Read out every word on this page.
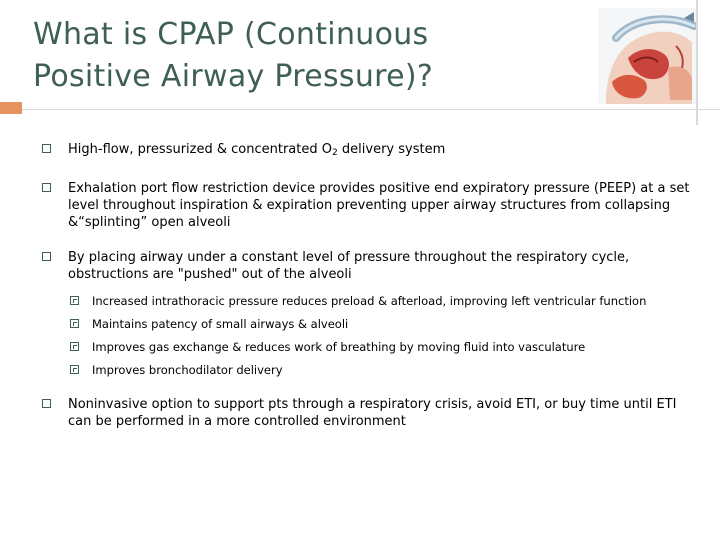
What is CPAP (Continuous
Positive Airway Pressure)?
High-flow, pressurized & concentrated $O_2$ delivery system
Exhalation port flow restriction device provides positive end expiratory pressure (PEEP) at a set level throughout inspiration & expiration preventing upper airway structures from collapsing &“splinting” open alveoli
By placing airway under a constant level of pressure throughout the respiratory cycle, obstructions are "pushed" out of the alveoli
Increased intrathoracic pressure reduces preload & afterload, improving left ventricular function
Maintains patency of small airways & alveoli
Improves gas exchange & reduces work of breathing by moving fluid into vasculature
Improves bronchodilator delivery
Noninvasive option to support pts through a respiratory crisis, avoid ETI, or buy time until ETI can be performed in a more controlled environment
